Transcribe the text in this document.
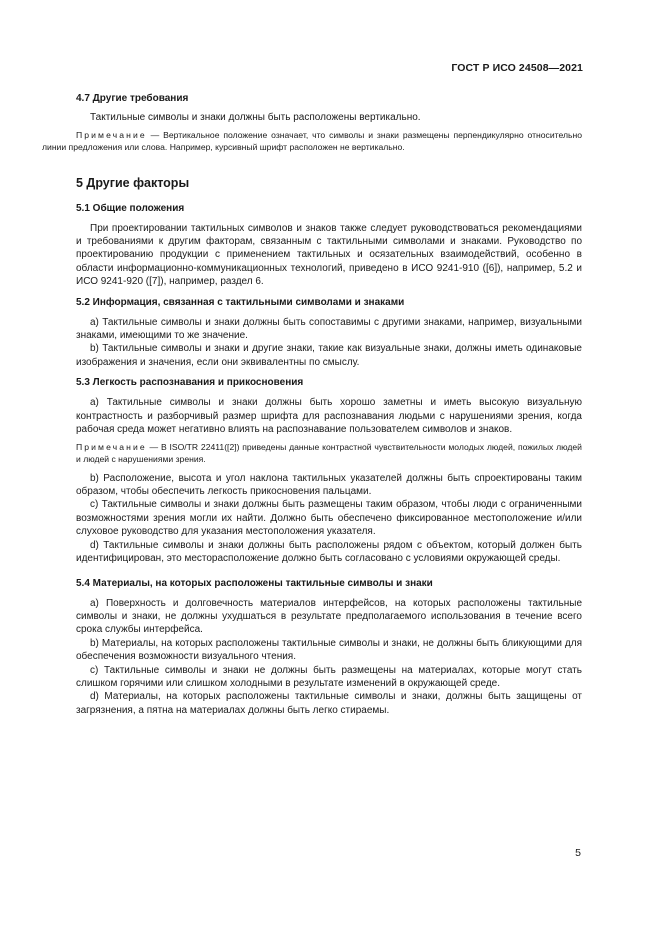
ГОСТ Р ИСО 24508—2021
4.7 Другие требования

Тактильные символы и знаки должны быть расположены вертикально.

Примечание — Вертикальное положение означает, что символы и знаки размещены перпендикулярно относительно линии предложения или слова. Например, курсивный шрифт расположен не вертикально.

5 Другие факторы
5.1 Общие положения

При проектировании тактильных символов и знаков также следует руководствоваться рекомендациями и требованиями к другим факторам, связанным с тактильными символами и знаками. Руководство по проектированию продукции с применением тактильных и осязательных взаимодействий, особенно в области информационно-коммуникационных технологий, приведено в ИСО 9241-910 ([6]), например, 5.2 и ИСО 9241-920 ([7]), например, раздел 6.

5.2 Информация, связанная с тактильными символами и знаками

a) Тактильные символы и знаки должны быть сопоставимы с другими знаками, например, визуальными знаками, имеющими то же значение.

b) Тактильные символы и знаки и другие знаки, такие как визуальные знаки, должны иметь одинаковые изображения и значения, если они эквивалентны по смыслу.

5.3 Легкость распознавания и прикосновения

a) Тактильные символы и знаки должны быть хорошо заметны и иметь высокую визуальную контрастность и разборчивый размер шрифта для распознавания людьми с нарушениями зрения, когда рабочая среда может негативно влиять на распознавание пользователем символов и знаков.

Примечание — В ISO/TR 22411([2]) приведены данные контрастной чувствительности молодых людей, пожилых людей и людей с нарушениями зрения.

b) Расположение, высота и угол наклона тактильных указателей должны быть спроектированы таким образом, чтобы обеспечить легкость прикосновения пальцами.

c) Тактильные символы и знаки должны быть размещены таким образом, чтобы люди с ограниченными возможностями зрения могли их найти. Должно быть обеспечено фиксированное местоположение и/или слуховое руководство для указания местоположения указателя.

d) Тактильные символы и знаки должны быть расположены рядом с объектом, который должен быть идентифицирован, это месторасположение должно быть согласовано с условиями окружающей среды.

5.4 Материалы, на которых расположены тактильные символы и знаки

a) Поверхность и долговечность материалов интерфейсов, на которых расположены тактильные символы и знаки, не должны ухудшаться в результате предполагаемого использования в течение всего срока службы интерфейса.

b) Материалы, на которых расположены тактильные символы и знаки, не должны быть бликующими для обеспечения возможности визуального чтения.

c) Тактильные символы и знаки не должны быть размещены на материалах, которые могут стать слишком горячими или слишком холодными в результате изменений в окружающей среде.

d) Материалы, на которых расположены тактильные символы и знаки, должны быть защищены от загрязнения, а пятна на материалах должны быть легко стираемы.

5
